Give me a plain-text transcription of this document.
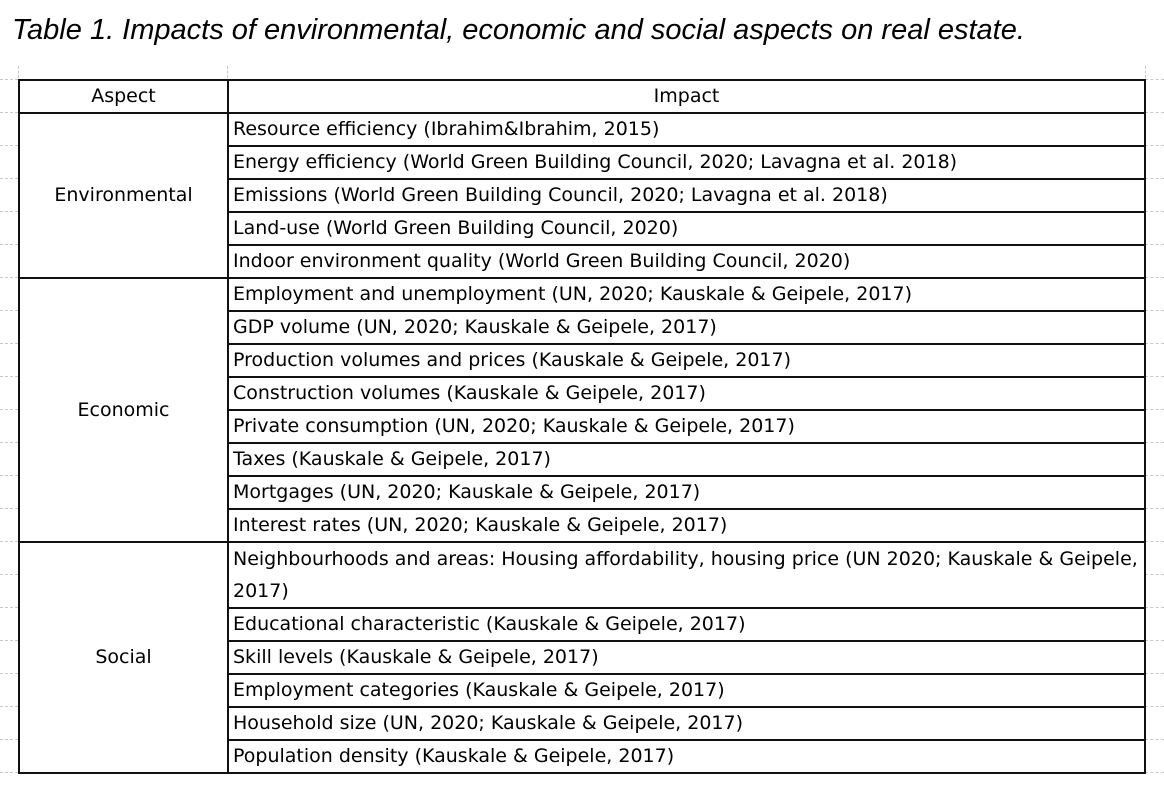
Table 1. Impacts of environmental, economic and social aspects on real estate.
Aspect	Impact
Environmental	Resource efficiency (Ibrahim&Ibrahim, 2015)
	Energy efficiency (World Green Building Council, 2020; Lavagna et al. 2018)
	Emissions (World Green Building Council, 2020; Lavagna et al. 2018)
	Land-use (World Green Building Council, 2020)
	Indoor environment quality (World Green Building Council, 2020)
Economic	Employment and unemployment (UN, 2020; Kauskale & Geipele, 2017)
	GDP volume (UN, 2020; Kauskale & Geipele, 2017)
	Production volumes and prices (Kauskale & Geipele, 2017)
	Construction volumes (Kauskale & Geipele, 2017)
	Private consumption (UN, 2020; Kauskale & Geipele, 2017)
	Taxes (Kauskale & Geipele, 2017)
	Mortgages (UN, 2020; Kauskale & Geipele, 2017)
	Interest rates (UN, 2020; Kauskale & Geipele, 2017)
Social	Neighbourhoods and areas: Housing affordability, housing price (UN 2020; Kauskale & Geipele, 2017)
	Educational characteristic (Kauskale & Geipele, 2017)
	Skill levels (Kauskale & Geipele, 2017)
	Employment categories (Kauskale & Geipele, 2017)
	Household size (UN, 2020; Kauskale & Geipele, 2017)
	Population density (Kauskale & Geipele, 2017)
